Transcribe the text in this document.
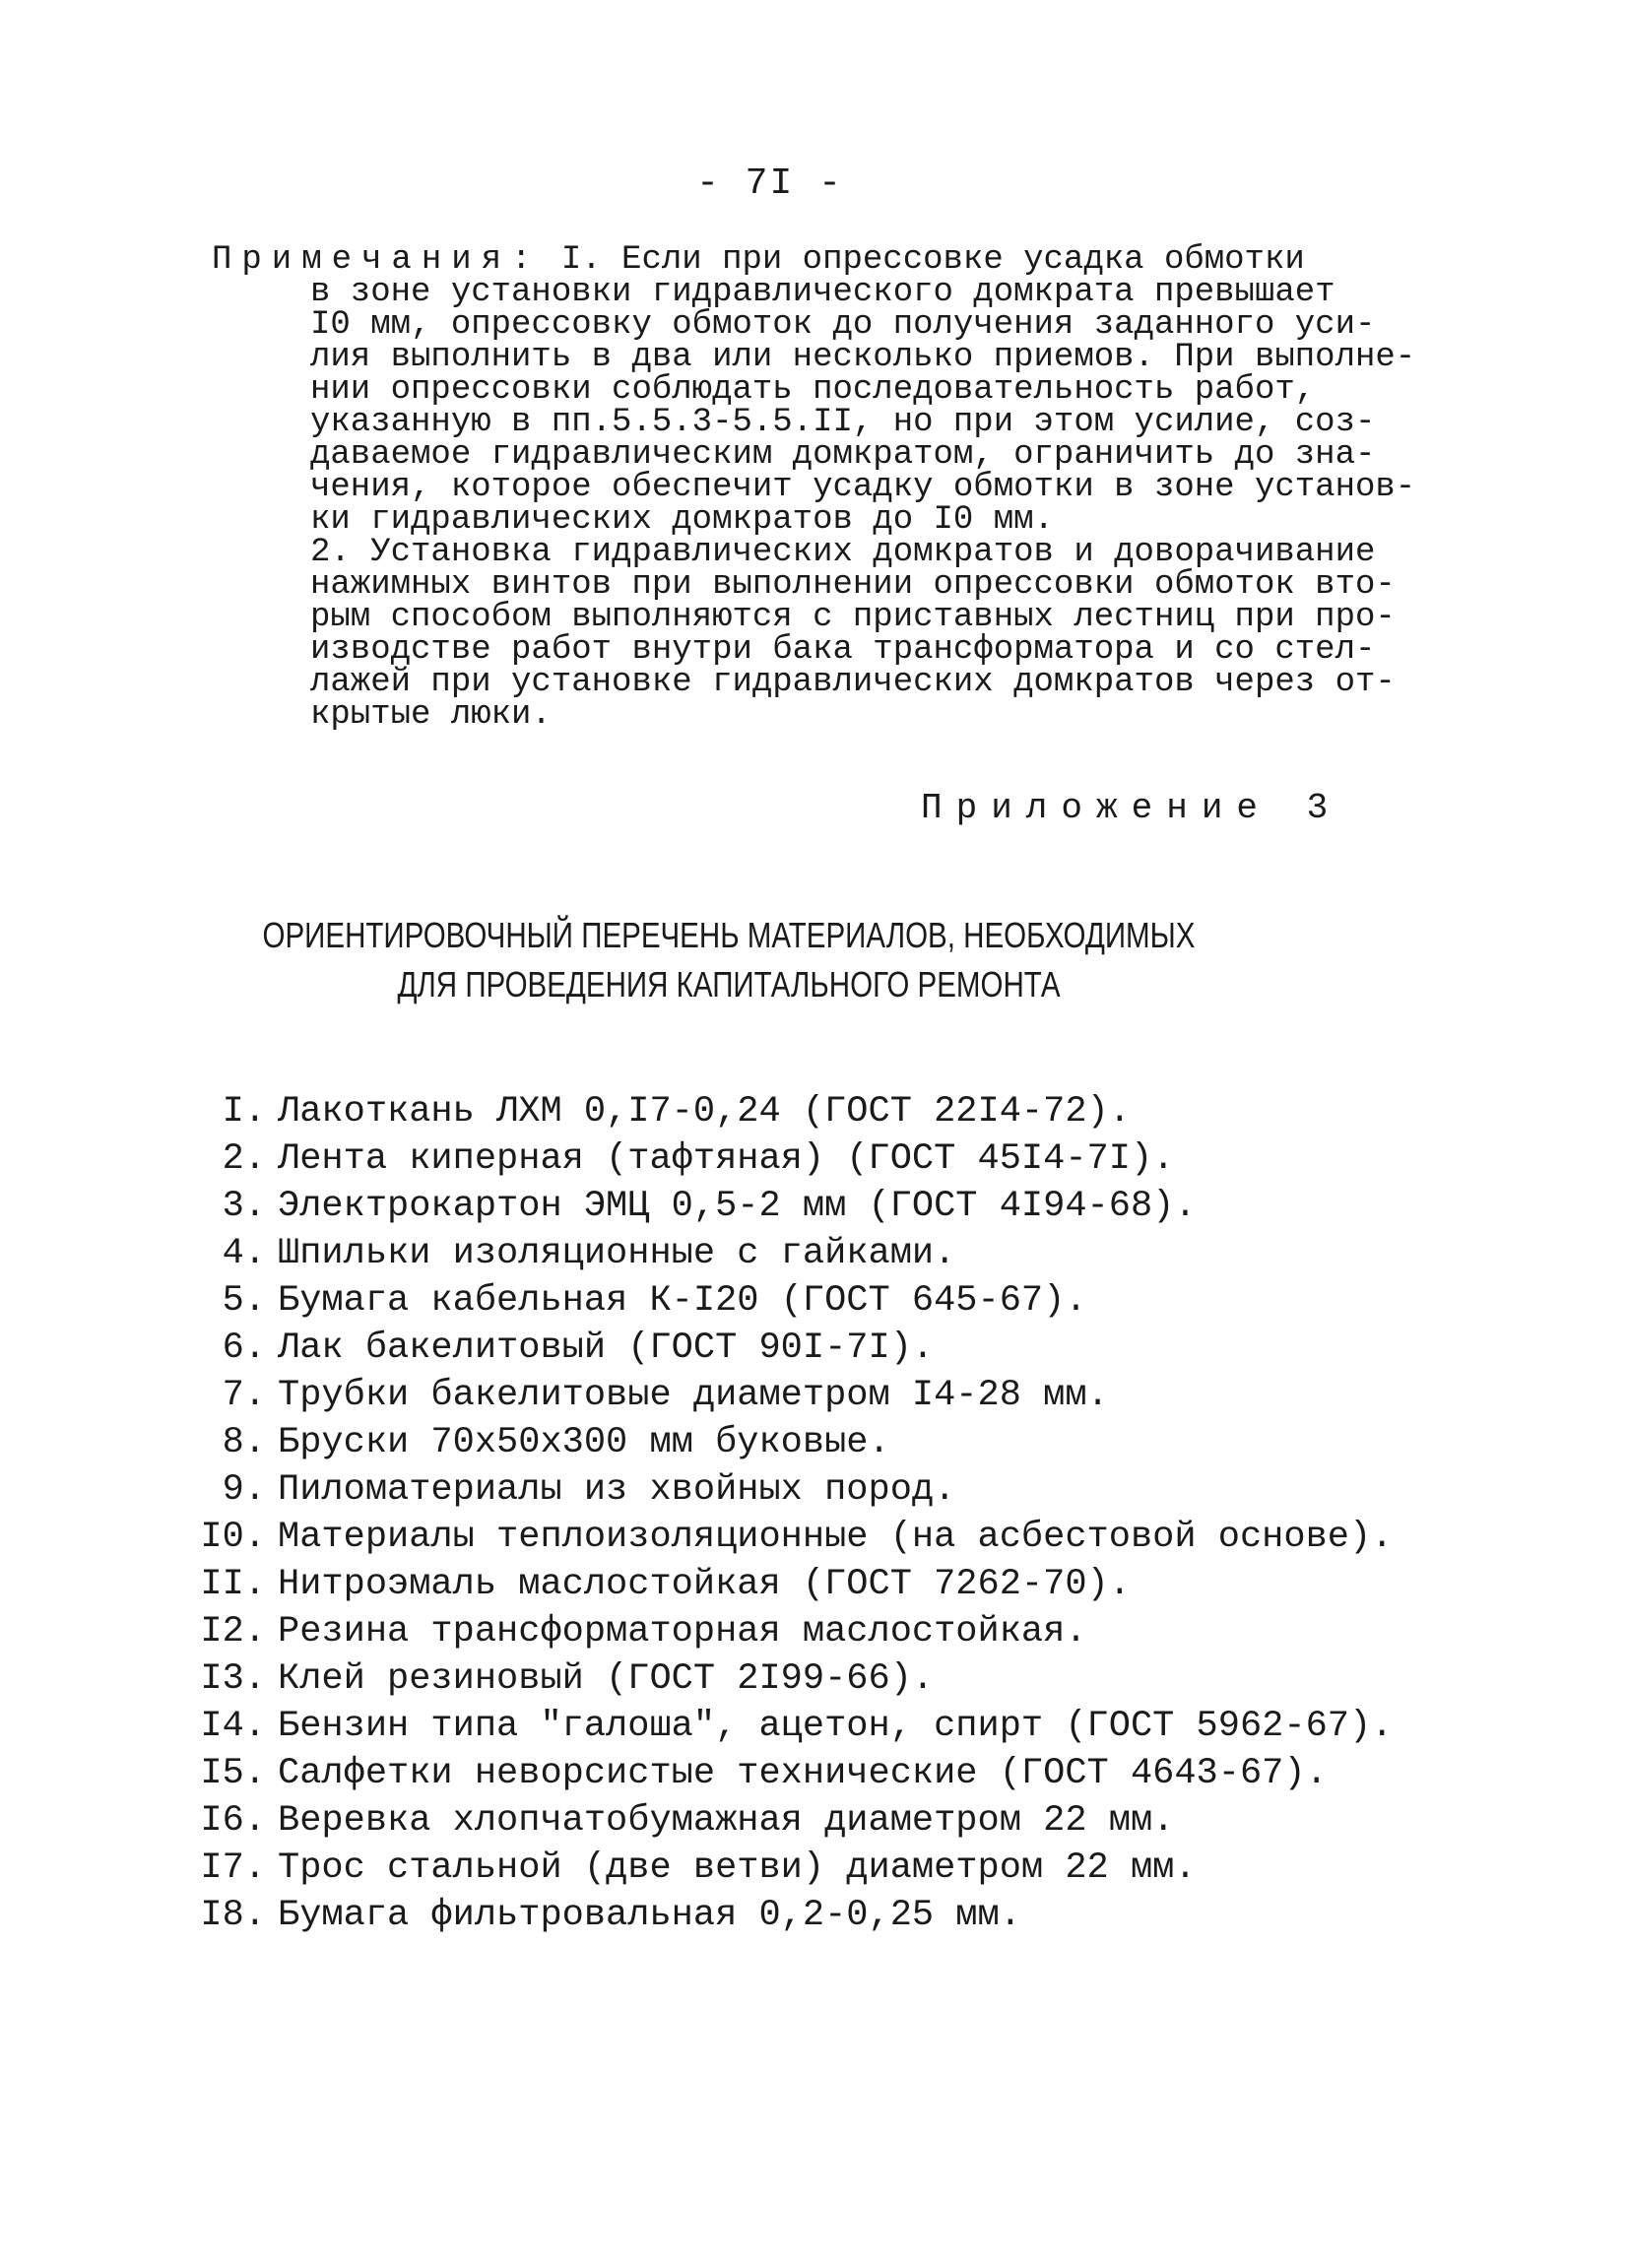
- 7I -
Примечания: I. Если при опрессовке усадка обмотки
в зоне установки гидравлического домкрата превышает
I0 мм, опрессовку обмоток до получения заданного уси-
лия выполнить в два или несколько приемов. При выполне-
нии опрессовки соблюдать последовательность работ,
указанную в пп.5.5.3-5.5.II, но при этом усилие, соз-
даваемое гидравлическим домкратом, ограничить до зна-
чения, которое обеспечит усадку обмотки в зоне установ-
ки гидравлических домкратов до I0 мм.
2. Установка гидравлических домкратов и доворачивание
нажимных винтов при выполнении опрессовки обмоток вто-
рым способом выполняются с приставных лестниц при про-
изводстве работ внутри бака трансформатора и со стел-
лажей при установке гидравлических домкратов через от-
крытые люки.
Приложение 3
ОРИЕНТИРОВОЧНЫЙ ПЕРЕЧЕНЬ МАТЕРИАЛОВ, НЕОБХОДИМЫХ
ДЛЯ ПРОВЕДЕНИЯ КАПИТАЛЬНОГО РЕМОНТА
I. Лакоткань ЛХМ 0,I7-0,24 (ГОСТ 22I4-72).
2. Лента киперная (тафтяная) (ГОСТ 45I4-7I).
3. Электрокартон ЭМЦ 0,5-2 мм (ГОСТ 4I94-68).
4. Шпильки изоляционные с гайками.
5. Бумага кабельная К-I20 (ГОСТ 645-67).
6. Лак бакелитовый (ГОСТ 90I-7I).
7. Трубки бакелитовые диаметром I4-28 мм.
8. Бруски 70х50х300 мм буковые.
9. Пиломатериалы из хвойных пород.
I0. Материалы теплоизоляционные (на асбестовой основе).
II. Нитроэмаль маслостойкая (ГОСТ 7262-70).
I2. Резина трансформаторная маслостойкая.
I3. Клей резиновый (ГОСТ 2I99-66).
I4. Бензин типа "галоша", ацетон, спирт (ГОСТ 5962-67).
I5. Салфетки неворсистые технические (ГОСТ 4643-67).
I6. Веревка хлопчатобумажная диаметром 22 мм.
I7. Трос стальной (две ветви) диаметром 22 мм.
I8. Бумага фильтровальная 0,2-0,25 мм.
